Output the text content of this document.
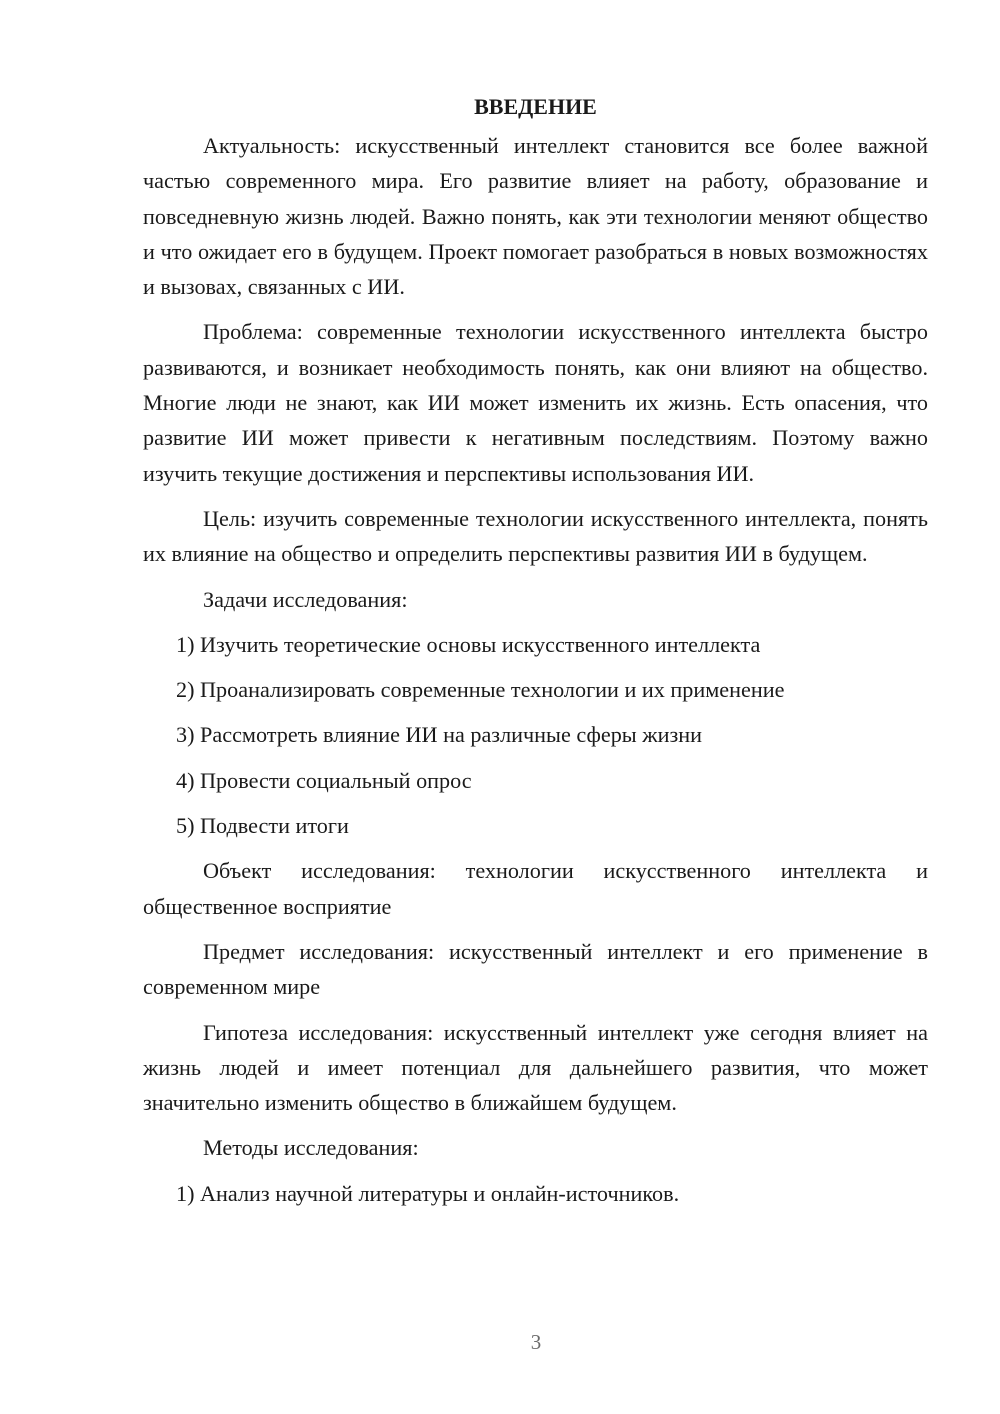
ВВЕДЕНИЕ

Актуальность: искусственный интеллект становится все более важной частью современного мира. Его развитие влияет на работу, образование и повседневную жизнь людей. Важно понять, как эти технологии меняют общество и что ожидает его в будущем. Проект помогает разобраться в новых возможностях и вызовах, связанных с ИИ.

Проблема: современные технологии искусственного интеллекта быстро развиваются, и возникает необходимость понять, как они влияют на общество. Многие люди не знают, как ИИ может изменить их жизнь. Есть опасения, что развитие ИИ может привести к негативным последствиям. Поэтому важно изучить текущие достижения и перспективы использования ИИ.

Цель: изучить современные технологии искусственного интеллекта, понять их влияние на общество и определить перспективы развития ИИ в будущем.

Задачи исследования:

1) Изучить теоретические основы искусственного интеллекта
2) Проанализировать современные технологии и их применение
3) Рассмотреть влияние ИИ на различные сферы жизни
4) Провести социальный опрос
5) Подвести итоги

Объект исследования: технологии искусственного интеллекта и общественное восприятие

Предмет исследования: искусственный интеллект и его применение в современном мире

Гипотеза исследования: искусственный интеллект уже сегодня влияет на жизнь людей и имеет потенциал для дальнейшего развития, что может значительно изменить общество в ближайшем будущем.

Методы исследования:

1) Анализ научной литературы и онлайн-источников.
3
